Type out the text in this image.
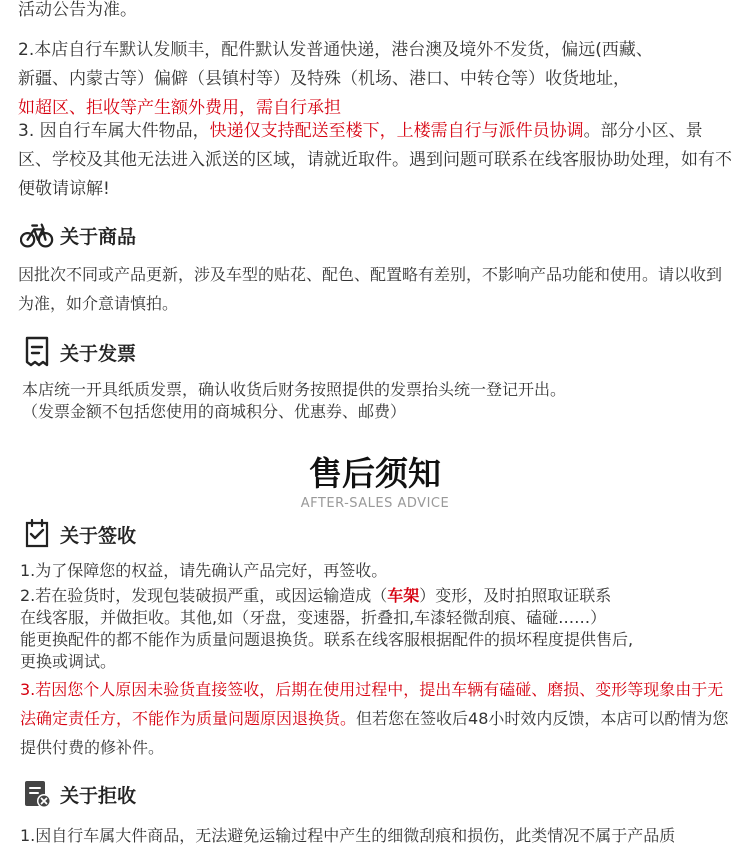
活动公告为准。

2.本店自行车默认发顺丰，配件默认发普通快递，港台澳及境外不发货，偏远(西藏、
新疆、内蒙古等）偏僻（县镇村等）及特殊（机场、港口、中转仓等）收货地址，
如超区、拒收等产生额外费用，需自行承担

3. 因自行车属大件物品，快递仅支持配送至楼下，上楼需自行与派件员协调。部分小区、景区、学校及其他无法进入派送的区域，请就近取件。遇到问题可联系在线客服协助处理，如有不便敬请谅解!

关于商品

因批次不同或产品更新，涉及车型的贴花、配色、配置略有差别，不影响产品功能和使用。请以收到为准，如介意请慎拍。

关于发票

本店统一开具纸质发票，确认收货后财务按照提供的发票抬头统一登记开出。
（发票金额不包括您使用的商城积分、优惠券、邮费）

售后须知
AFTER-SALES ADVICE
关于签收
1.为了保障您的权益，请先确认产品完好，再签收。
2.若在验货时，发现包装破损严重，或因运输造成（车架）变形，及时拍照取证联系
在线客服，并做拒收。其他,如（牙盘，变速器，折叠扣,车漆轻微刮痕、磕碰……）
能更换配件的都不能作为质量问题退换货。联系在线客服根据配件的损坏程度提供售后,
更换或调试。

3.若因您个人原因未验货直接签收，后期在使用过程中，提出车辆有磕碰、磨损、变形等现象由于无法确定责任方，不能作为质量问题原因退换货。但若您在签收后48小时效内反馈，本店可以酌情为您提供付费的修补件。

关于拒收

1.因自行车属大件商品，无法避免运输过程中产生的细微刮痕和损伤，此类情况不属于产品质
